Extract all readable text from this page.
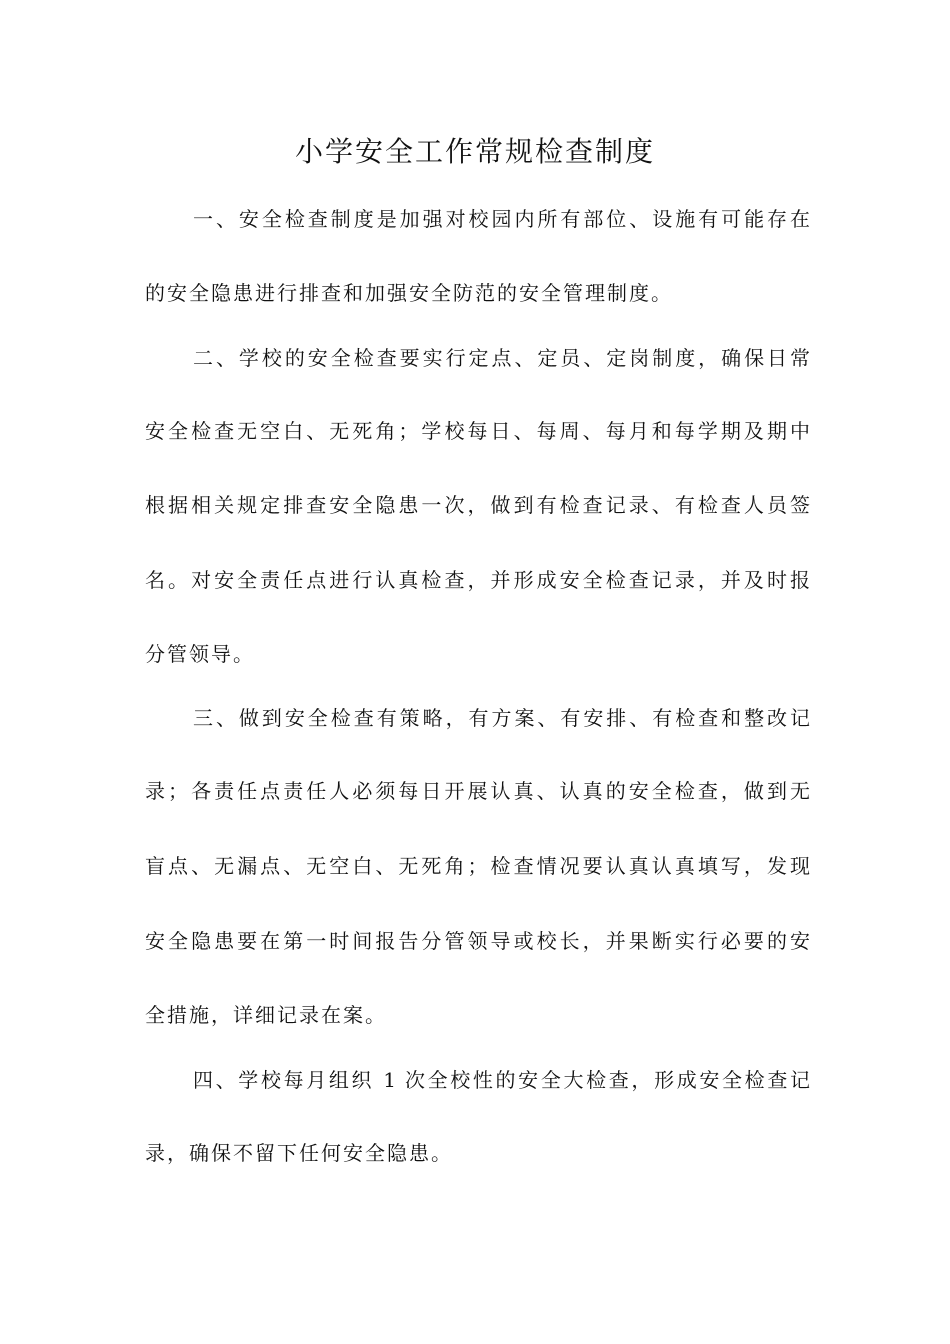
小学安全工作常规检查制度
一、安全检查制度是加强对校园内所有部位、设施有可能存在
的安全隐患进行排查和加强安全防范的安全管理制度。
二、学校的安全检查要实行定点、定员、定岗制度，确保日常
安全检查无空白、无死角；学校每日、每周、每月和每学期及期中
根据相关规定排查安全隐患一次，做到有检查记录、有检查人员签
名。对安全责任点进行认真检查，并形成安全检查记录，并及时报
分管领导。
三、做到安全检查有策略，有方案、有安排、有检查和整改记
录；各责任点责任人必须每日开展认真、认真的安全检查，做到无
盲点、无漏点、无空白、无死角；检查情况要认真认真填写，发现
安全隐患要在第一时间报告分管领导或校长，并果断实行必要的安
全措施，详细记录在案。
四、学校每月组织 1 次全校性的安全大检查，形成安全检查记
录，确保不留下任何安全隐患。
